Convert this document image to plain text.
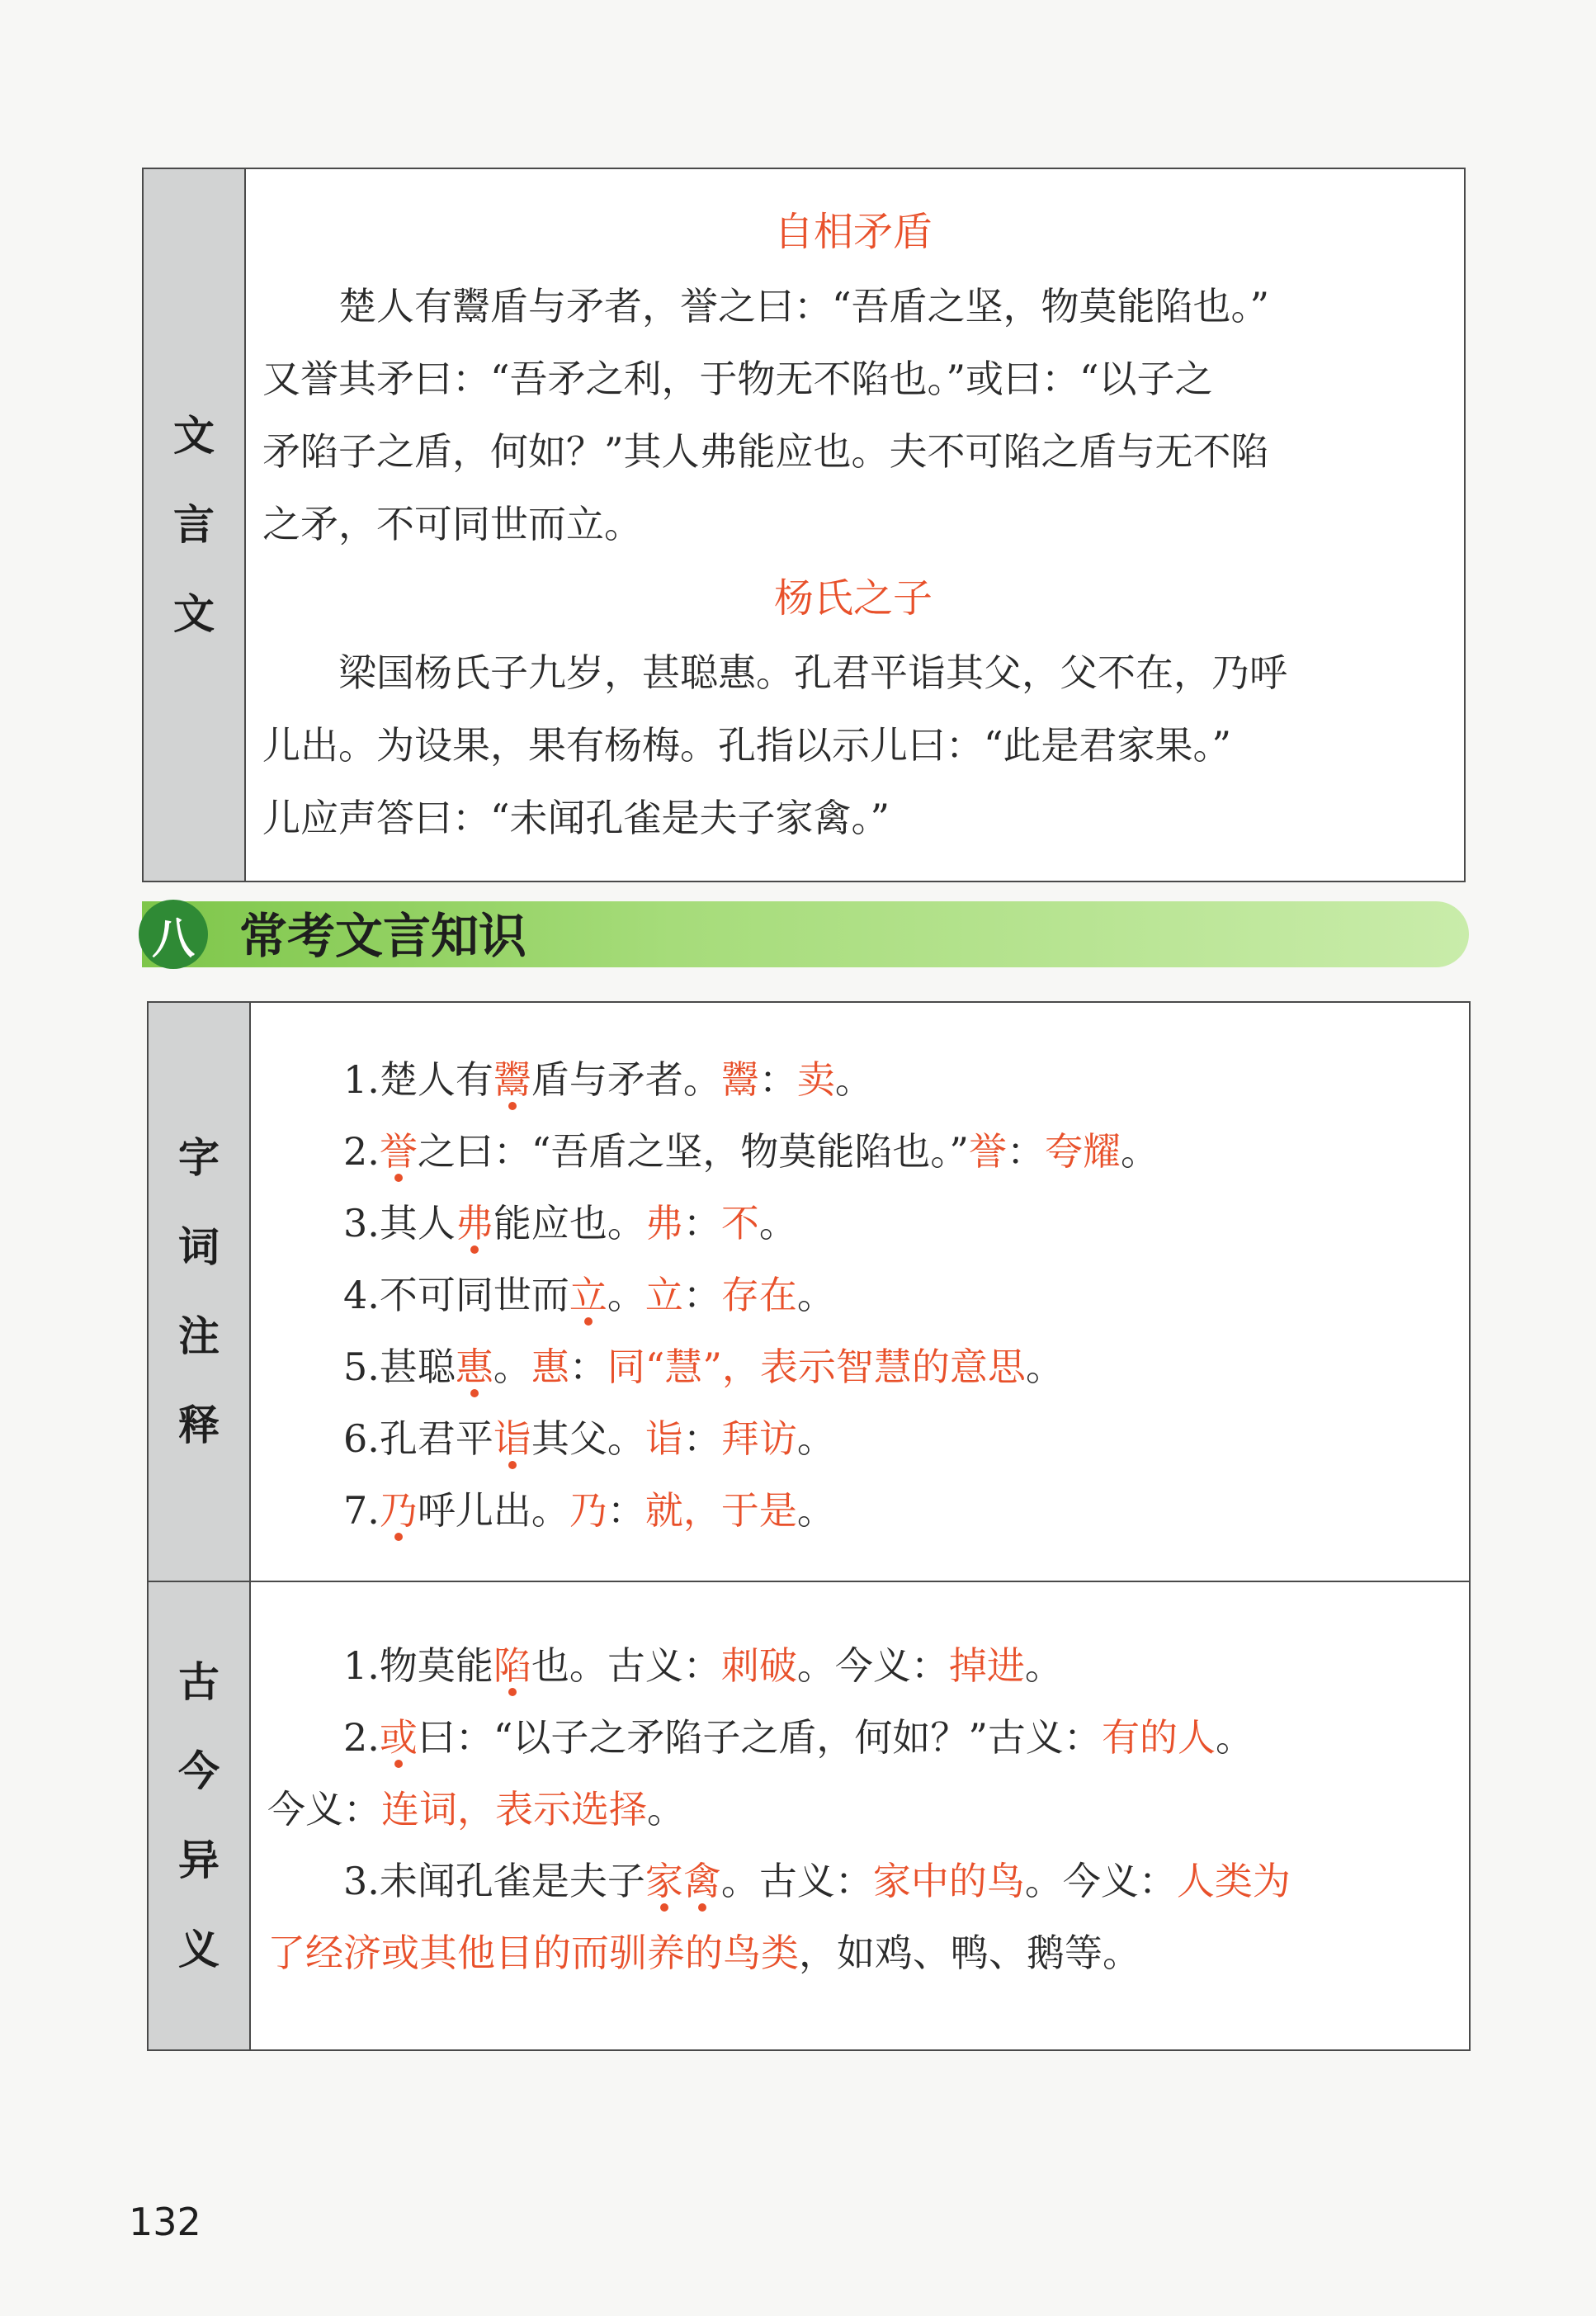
文
言
文
自相矛盾

楚人有鬻盾与矛者，誉之曰：“吾盾之坚，物莫能陷也。”

又誉其矛曰：“吾矛之利，于物无不陷也。”或曰：“以子之

矛陷子之盾，何如？”其人弗能应也。夫不可陷之盾与无不陷

之矛，不可同世而立。

杨氏之子

梁国杨氏子九岁，甚聪惠。孔君平诣其父，父不在，乃呼

儿出。为设果，果有杨梅。孔指以示儿曰：“此是君家果。”

儿应声答曰：“未闻孔雀是夫子家禽。”

八 常考文言知识
字
词
注
释

1.楚人有鬻盾与矛者。鬻：卖。

2.誉之曰：“吾盾之坚，物莫能陷也。”誉：夸耀。

3.其人弗能应也。弗：不。

4.不可同世而立。立：存在。

5.甚聪惠。惠：同“慧”，表示智慧的意思。

6.孔君平诣其父。诣：拜访。

7.乃呼儿出。乃：就，于是。

古
今
异
义

1.物莫能陷也。古义：刺破。今义：掉进。

2.或曰：“以子之矛陷子之盾，何如？”古义：有的人。

今义：连词，表示选择。

3.未闻孔雀是夫子家禽。古义：家中的鸟。今义：人类为

了经济或其他目的而驯养的鸟类，如鸡、鸭、鹅等。

132
